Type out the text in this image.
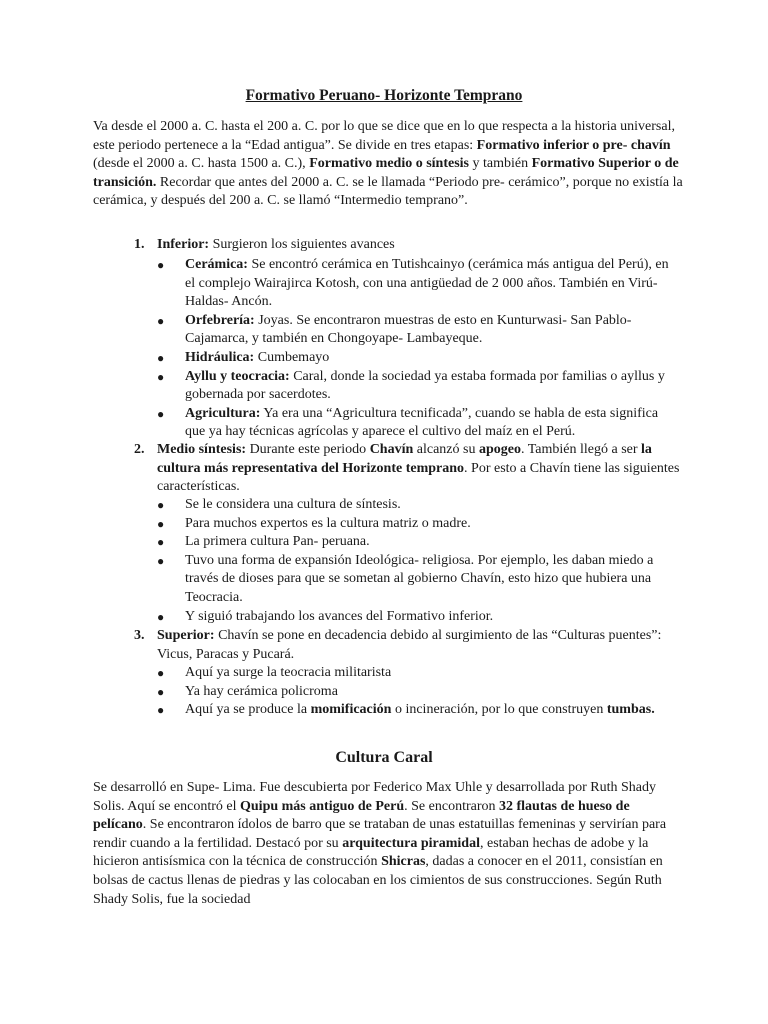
Formativo Peruano- Horizonte Temprano
Va desde el 2000 a. C. hasta el 200 a. C. por lo que se dice que en lo que respecta a la historia universal, este periodo pertenece a la “Edad antigua”. Se divide en tres etapas: Formativo inferior o pre- chavín (desde el 2000 a. C. hasta 1500 a. C.), Formativo medio o síntesis y también Formativo Superior o de transición. Recordar que antes del 2000 a. C. se le llamada “Periodo pre- cerámico”, porque no existía la cerámica, y después del 200 a. C. se llamó “Intermedio temprano”.
1. Inferior: Surgieron los siguientes avances
● Cerámica: Se encontró cerámica en Tutishcainyo (cerámica más antigua del Perú), en el complejo Wairajirca Kotosh, con una antigüedad de 2 000 años. También en Virú- Haldas- Ancón.
● Orfebrería: Joyas. Se encontraron muestras de esto en Kunturwasi- San Pablo- Cajamarca, y también en Chongoyape- Lambayeque.
● Hidráulica: Cumbemayo
● Ayllu y teocracia: Caral, donde la sociedad ya estaba formada por familias o ayllus y gobernada por sacerdotes.
● Agricultura: Ya era una “Agricultura tecnificada”, cuando se habla de esta significa que ya hay técnicas agrícolas y aparece el cultivo del maíz en el Perú.
2. Medio síntesis: Durante este periodo Chavín alcanzó su apogeo. También llegó a ser la cultura más representativa del Horizonte temprano. Por esto a Chavín tiene las siguientes características.
● Se le considera una cultura de síntesis.
● Para muchos expertos es la cultura matriz o madre.
● La primera cultura Pan- peruana.
● Tuvo una forma de expansión Ideológica- religiosa. Por ejemplo, les daban miedo a través de dioses para que se sometan al gobierno Chavín, esto hizo que hubiera una Teocracia.
● Y siguió trabajando los avances del Formativo inferior.
3. Superior: Chavín se pone en decadencia debido al surgimiento de las “Culturas puentes”: Vicus, Paracas y Pucará.
● Aquí ya surge la teocracia militarista
● Ya hay cerámica policroma
● Aquí ya se produce la momificación o incineración, por lo que construyen tumbas.
Cultura Caral
Se desarrolló en Supe- Lima. Fue descubierta por Federico Max Uhle y desarrollada por Ruth Shady Solis. Aquí se encontró el Quipu más antiguo de Perú. Se encontraron 32 flautas de hueso de pelícano. Se encontraron ídolos de barro que se trataban de unas estatuillas femeninas y servirían para rendir cuando a la fertilidad. Destacó por su arquitectura piramidal, estaban hechas de adobe y la hicieron antisísmica con la técnica de construcción Shicras, dadas a conocer en el 2011, consistían en bolsas de cactus llenas de piedras y las colocaban en los cimientos de sus construcciones. Según Ruth Shady Solis, fue la sociedad
